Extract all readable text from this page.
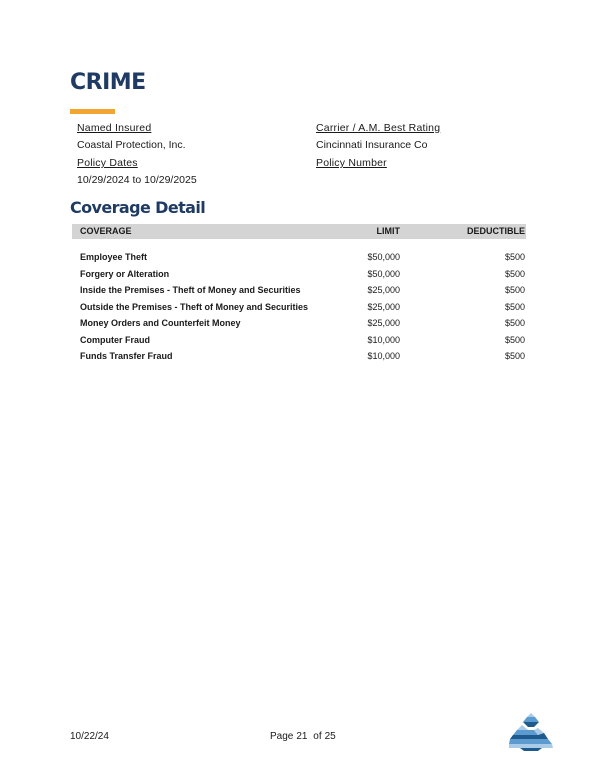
CRIME
Named Insured
Coastal Protection, Inc.
Carrier / A.M. Best Rating
Cincinnati Insurance Co
Policy Dates
10/29/2024 to 10/29/2025
Policy Number
Coverage Detail
COVERAGE	LIMIT	DEDUCTIBLE
Employee Theft	$50,000	$500
Forgery or Alteration	$50,000	$500
Inside the Premises - Theft of Money and Securities	$25,000	$500
Outside the Premises - Theft of Money and Securities	$25,000	$500
Money Orders and Counterfeit Money	$25,000	$500
Computer Fraud	$10,000	$500
Funds Transfer Fraud	$10,000	$500
10/22/24	Page 21 of 25
